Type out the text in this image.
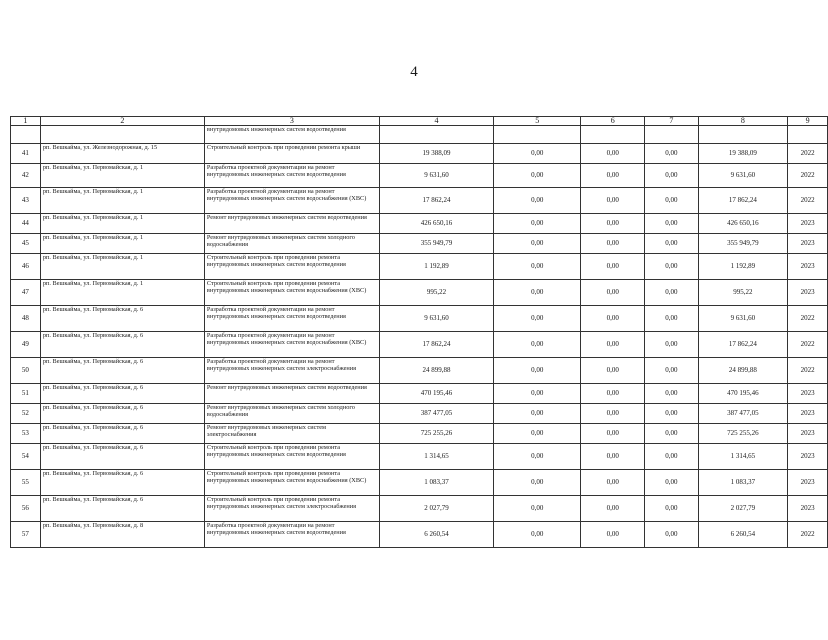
4
1	2	3	4	5	6	7	8	9
		внутридомовых инженерных систем водоотведения						
41	рп. Вешкайма, ул. Железнодорожная, д. 15	Строительный контроль при проведении ремонта крыши	19 388,09	0,00	0,00	0,00	19 388,09	2022
42	рп. Вешкайма, ул. Первомайская, д. 1	Разработка проектной документации на ремонт внутридомовых инженерных систем водоотведения	9 631,60	0,00	0,00	0,00	9 631,60	2022
43	рп. Вешкайма, ул. Первомайская, д. 1	Разработка проектной документации на ремонт внутридомовых инженерных систем водоснабжения (ХВС)	17 862,24	0,00	0,00	0,00	17 862,24	2022
44	рп. Вешкайма, ул. Первомайская, д. 1	Ремонт внутридомовых инженерных систем водоотведения	426 650,16	0,00	0,00	0,00	426 650,16	2023
45	рп. Вешкайма, ул. Первомайская, д. 1	Ремонт внутридомовых инженерных систем холодного водоснабжения	355 949,79	0,00	0,00	0,00	355 949,79	2023
46	рп. Вешкайма, ул. Первомайская, д. 1	Строительный контроль при проведении ремонта внутридомовых инженерных систем водоотведения	1 192,89	0,00	0,00	0,00	1 192,89	2023
47	рп. Вешкайма, ул. Первомайская, д. 1	Строительный контроль при проведении ремонта внутридомовых инженерных систем водоснабжения (ХВС)	995,22	0,00	0,00	0,00	995,22	2023
48	рп. Вешкайма, ул. Первомайская, д. 6	Разработка проектной документации на ремонт внутридомовых инженерных систем водоотведения	9 631,60	0,00	0,00	0,00	9 631,60	2022
49	рп. Вешкайма, ул. Первомайская, д. 6	Разработка проектной документации на ремонт внутридомовых инженерных систем водоснабжения (ХВС)	17 862,24	0,00	0,00	0,00	17 862,24	2022
50	рп. Вешкайма, ул. Первомайская, д. 6	Разработка проектной документации на ремонт внутридомовых инженерных систем электроснабжения	24 899,88	0,00	0,00	0,00	24 899,88	2022
51	рп. Вешкайма, ул. Первомайская, д. 6	Ремонт внутридомовых инженерных систем водоотведения	470 195,46	0,00	0,00	0,00	470 195,46	2023
52	рп. Вешкайма, ул. Первомайская, д. 6	Ремонт внутридомовых инженерных систем холодного водоснабжения	387 477,05	0,00	0,00	0,00	387 477,05	2023
53	рп. Вешкайма, ул. Первомайская, д. 6	Ремонт внутридомовых инженерных систем электроснабжения	725 255,26	0,00	0,00	0,00	725 255,26	2023
54	рп. Вешкайма, ул. Первомайская, д. 6	Строительный контроль при проведении ремонта внутридомовых инженерных систем водоотведения	1 314,65	0,00	0,00	0,00	1 314,65	2023
55	рп. Вешкайма, ул. Первомайская, д. 6	Строительный контроль при проведении ремонта внутридомовых инженерных систем водоснабжения (ХВС)	1 083,37	0,00	0,00	0,00	1 083,37	2023
56	рп. Вешкайма, ул. Первомайская, д. 6	Строительный контроль при проведении ремонта внутридомовых инженерных систем электроснабжения	2 027,79	0,00	0,00	0,00	2 027,79	2023
57	рп. Вешкайма, ул. Первомайская, д. 8	Разработка проектной документации на ремонт внутридомовых инженерных систем водоотведения	6 260,54	0,00	0,00	0,00	6 260,54	2022
